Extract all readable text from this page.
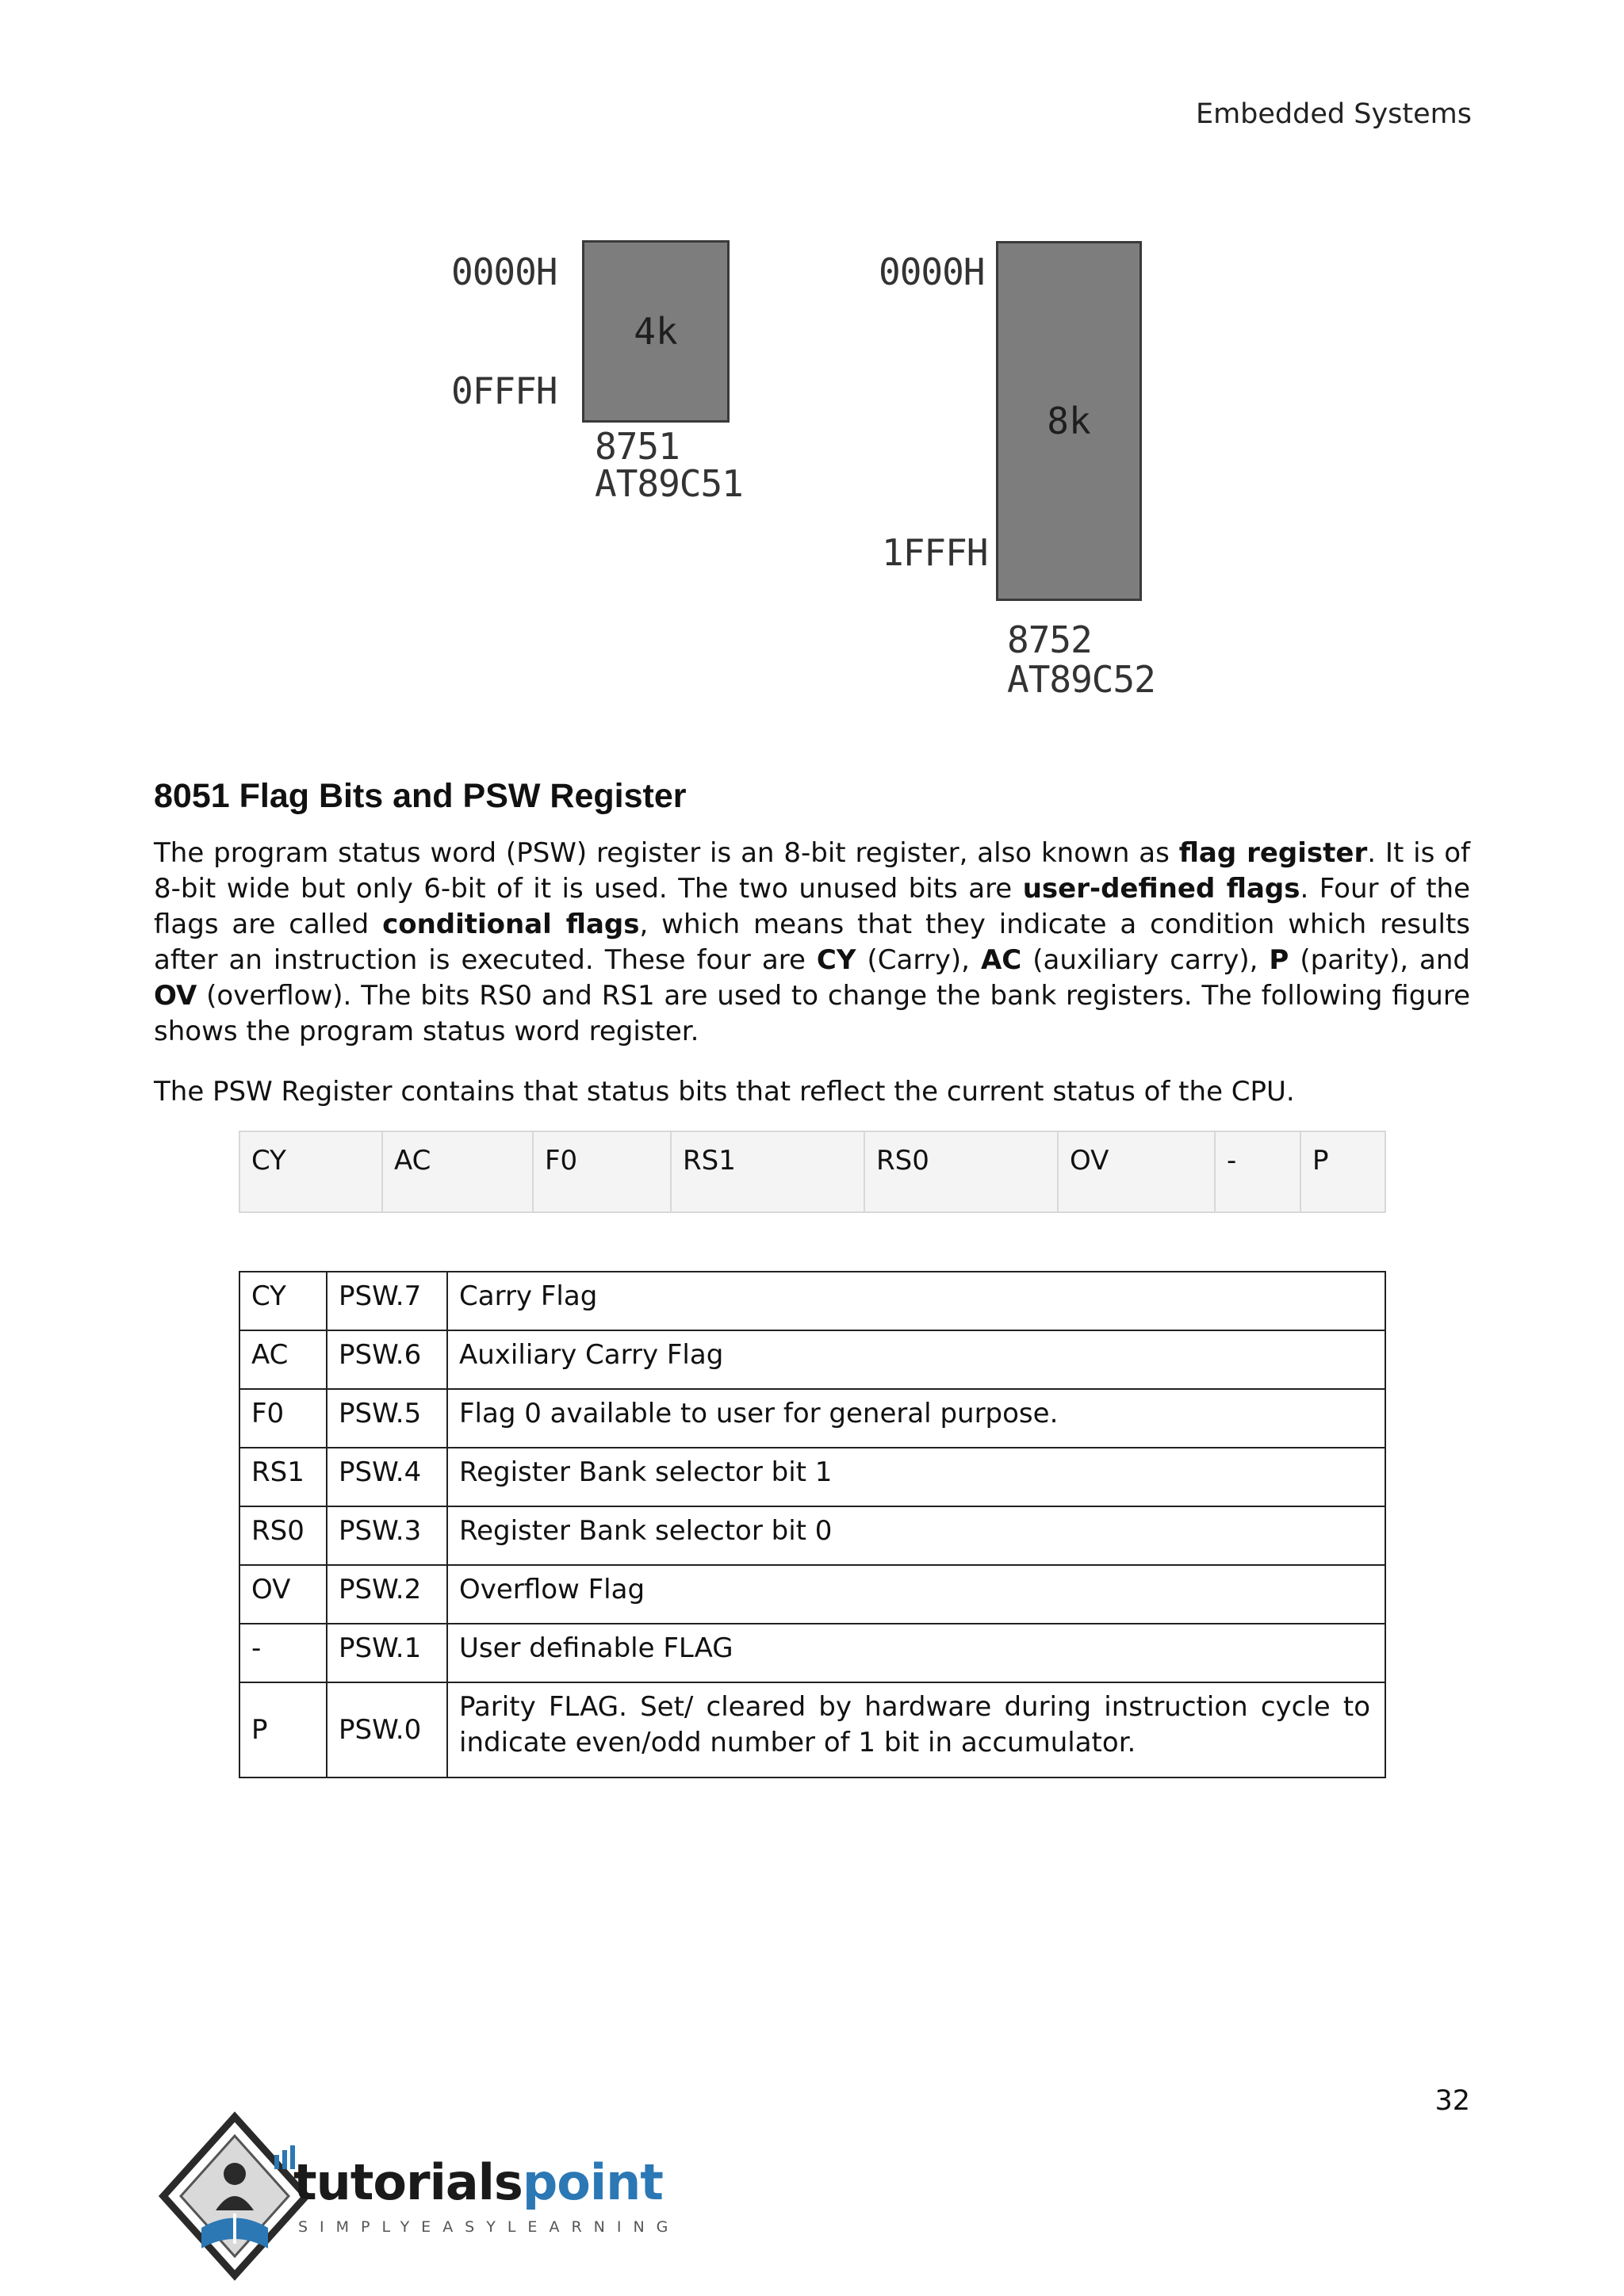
Embedded Systems
0000H
0FFFH
4k
8751
AT89C51
0000H
1FFFH
8k
8752
AT89C52
8051 Flag Bits and PSW Register
The program status word (PSW) register is an 8-bit register, also known as flag register. It is of 8-bit wide but only 6-bit of it is used. The two unused bits are user-defined flags. Four of the flags are called conditional flags, which means that they indicate a condition which results after an instruction is executed. These four are CY (Carry), AC (auxiliary carry), P (parity), and OV (overflow). The bits RS0 and RS1 are used to change the bank registers. The following figure shows the program status word register.
The PSW Register contains that status bits that reflect the current status of the CPU.
CY	AC	F0	RS1	RS0	OV	-	P
CY	PSW.7	Carry Flag
AC	PSW.6	Auxiliary Carry Flag
F0	PSW.5	Flag 0 available to user for general purpose.
RS1	PSW.4	Register Bank selector bit 1
RS0	PSW.3	Register Bank selector bit 0
OV	PSW.2	Overflow Flag
-	PSW.1	User definable FLAG
P	PSW.0	Parity FLAG. Set/ cleared by hardware during instruction cycle to indicate even/odd number of 1 bit in accumulator.
32
tutorialspoint
SIMPLYEASYLEARNING
